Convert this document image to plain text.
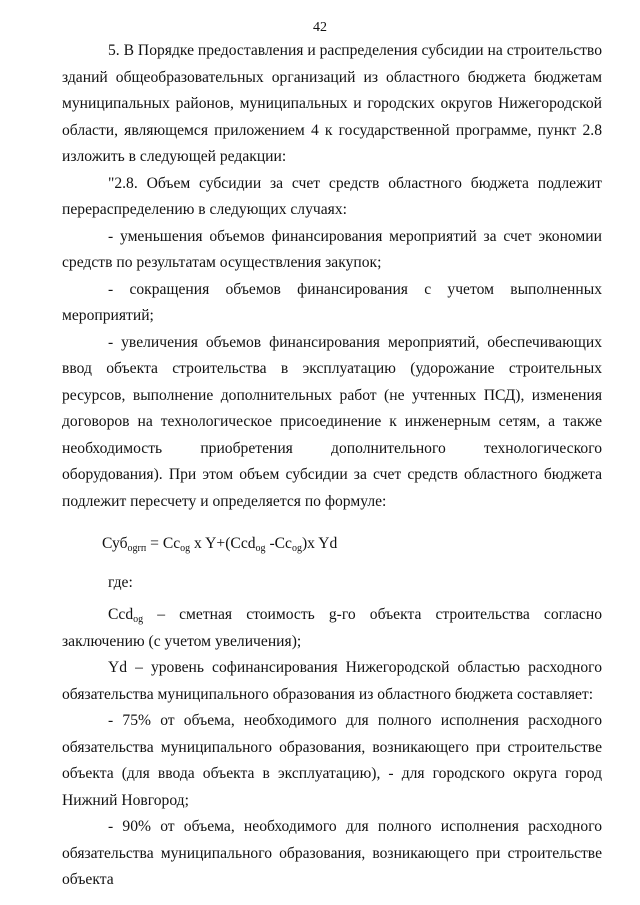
42

5. В Порядке предоставления и распределения субсидии на строительство зданий общеобразовательных организаций из областного бюджета бюджетам муниципальных районов, муниципальных и городских округов Нижегородской области, являющемся приложением 4 к государственной программе, пункт 2.8 изложить в следующей редакции:

"2.8. Объем субсидии за счет средств областного бюджета подлежит перераспределению в следующих случаях:

- уменьшения объемов финансирования мероприятий за счет экономии средств по результатам осуществления закупок;

- сокращения объемов финансирования с учетом выполненных мероприятий;

- увеличения объемов финансирования мероприятий, обеспечивающих ввод объекта строительства в эксплуатацию (удорожание строительных ресурсов, выполнение дополнительных работ (не учтенных ПСД), изменения договоров на технологическое присоединение к инженерным сетям, а также необходимость приобретения дополнительного технологического оборудования). При этом объем субсидии за счет средств областного бюджета подлежит пересчету и определяется по формуле:

$Суб_{ogrп} = Cc_{og}$ x Y+(Ccd$_{og}$ $-Cc_{og})x$ Yd

где:

Ccd$_{og}$ – сметная стоимость g-го объекта строительства согласно заключению (с учетом увеличения);

Yd – уровень софинансирования Нижегородской областью расходного обязательства муниципального образования из областного бюджета составляет:

- 75% от объема, необходимого для полного исполнения расходного обязательства муниципального образования, возникающего при строительстве объекта (для ввода объекта в эксплуатацию), - для городского округа город Нижний Новгород;

- 90% от объема, необходимого для полного исполнения расходного обязательства муниципального образования, возникающего при строительстве объекта
